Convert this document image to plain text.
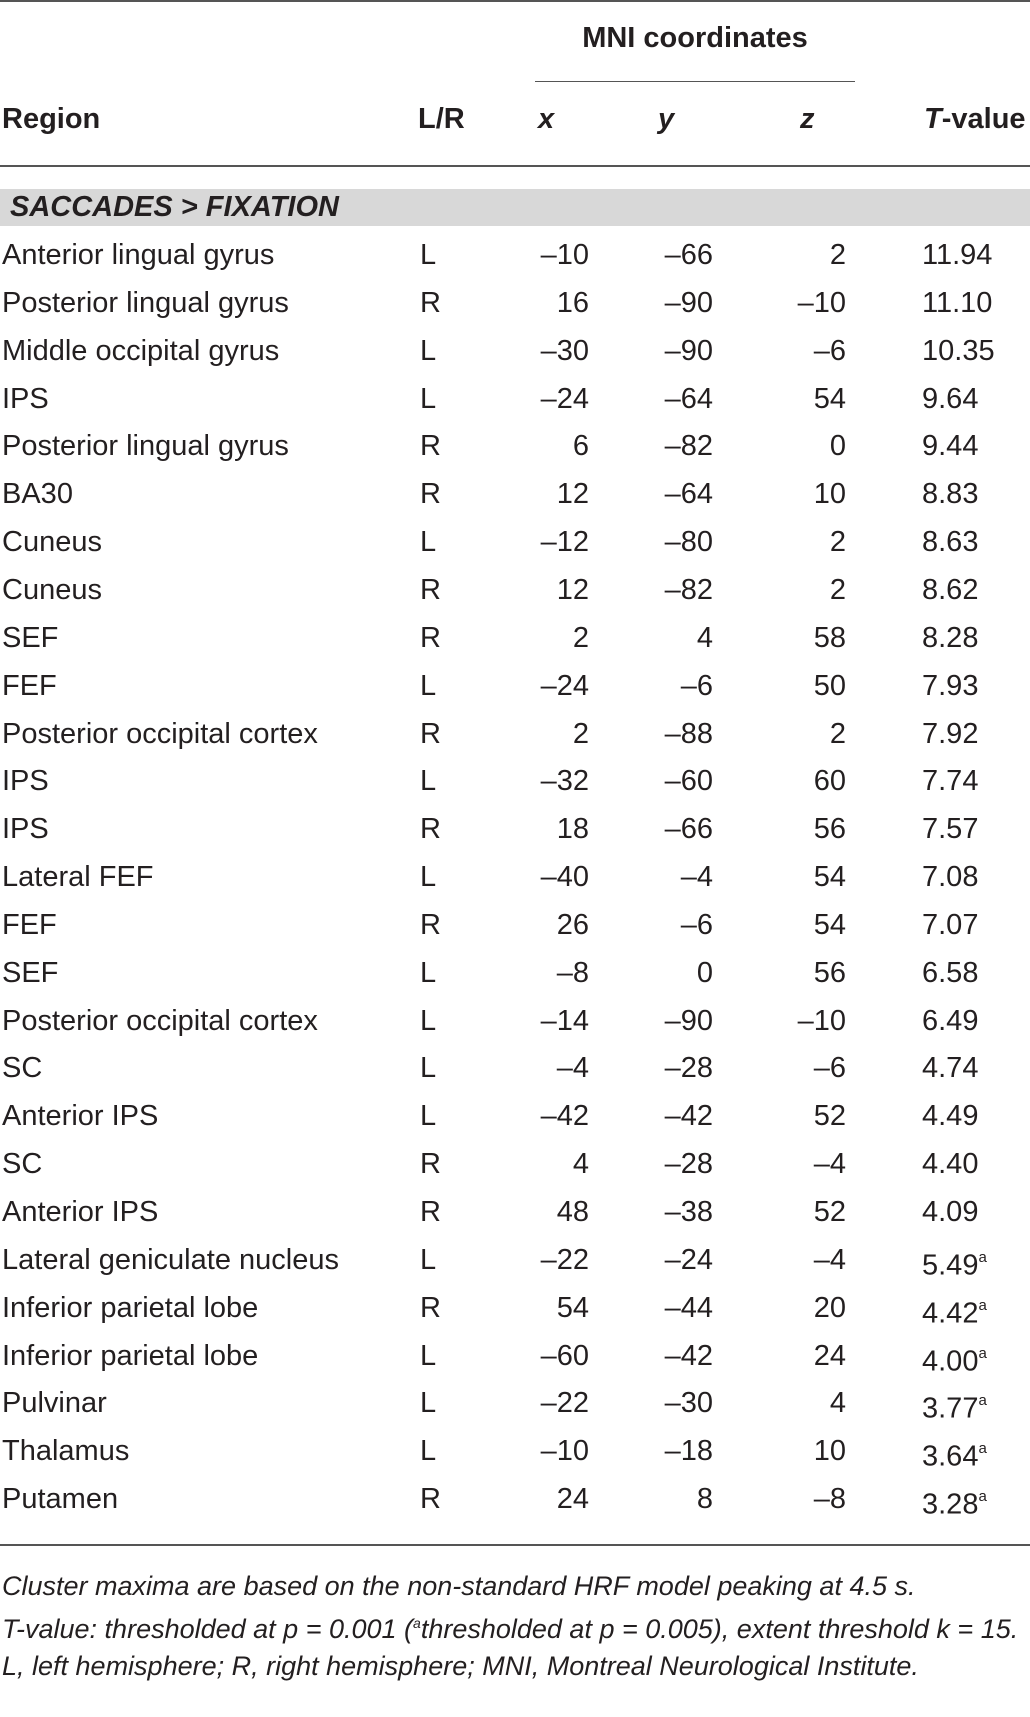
MNI coordinates
Region	L/R	x	y	z	T-value
SACCADES > FIXATION
Anterior lingual gyrus	L	–10	–66	2	11.94
Posterior lingual gyrus	R	16	–90	–10	11.10
Middle occipital gyrus	L	–30	–90	–6	10.35
IPS	L	–24	–64	54	9.64
Posterior lingual gyrus	R	6	–82	0	9.44
BA30	R	12	–64	10	8.83
Cuneus	L	–12	–80	2	8.63
Cuneus	R	12	–82	2	8.62
SEF	R	2	4	58	8.28
FEF	L	–24	–6	50	7.93
Posterior occipital cortex	R	2	–88	2	7.92
IPS	L	–32	–60	60	7.74
IPS	R	18	–66	56	7.57
Lateral FEF	L	–40	–4	54	7.08
FEF	R	26	–6	54	7.07
SEF	L	–8	0	56	6.58
Posterior occipital cortex	L	–14	–90	–10	6.49
SC	L	–4	–28	–6	4.74
Anterior IPS	L	–42	–42	52	4.49
SC	R	4	–28	–4	4.40
Anterior IPS	R	48	–38	52	4.09
Lateral geniculate nucleus	L	–22	–24	–4	5.49$^a$
Inferior parietal lobe	R	54	–44	20	4.42$^a$
Inferior parietal lobe	L	–60	–42	24	4.00$^a$
Pulvinar	L	–22	–30	4	3.77$^a$
Thalamus	L	–10	–18	10	3.64$^a$
Putamen	R	24	8	–8	3.28$^a$

Cluster maxima are based on the non-standard HRF model peaking at 4.5 s.

T-value: thresholded at p = 0.001 ($^a$thresholded at p = 0.005), extent threshold k = 15.

L, left hemisphere; R, right hemisphere; MNI, Montreal Neurological Institute.
